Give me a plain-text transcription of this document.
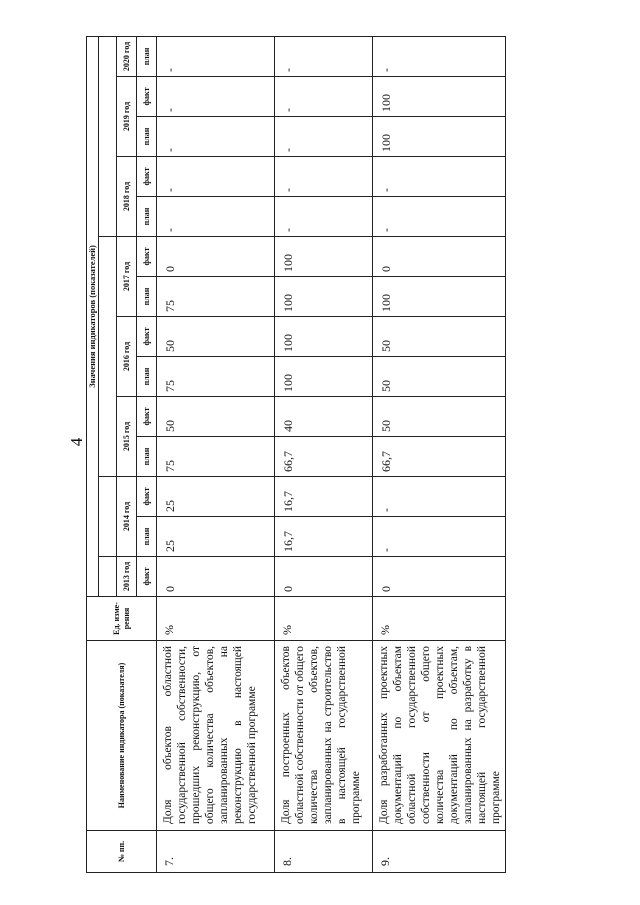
4
№ пп.	Наименование индикатора (показателя)	Ед. изме-рения	Значения индикаторов (показателей)													

			2013 год	2014 год		2015 год		2016 год		2017 год		2018 год		2019 год		2020 год
			факт	план	факт	план	факт	план	факт	план	факт	план	факт	план	факт	план
7.	Доля объектов областной государственной собственности, прошедших реконструкцию, от общего количества объектов, запланированных на реконструкцию в настоящей государственной программе	%	0	25	25	75	50	75	50	75	0	-	-	-	-	-
8.	Доля построенных объектов областной собственности от общего количества объектов, запланированных на строительство в настоящей государственной программе	%	0	16,7	16,7	66,7	40	100	100	100	100	-	-	-	-	-
9.	Доля разработанных проектных документаций по объектам областной государственной собственности от общего количества проектных документаций по объектам, запланированных на разработку в настоящей государственной программе	%	0	-	-	66,7	50	50	50	100	0	-	-	100	100	-
